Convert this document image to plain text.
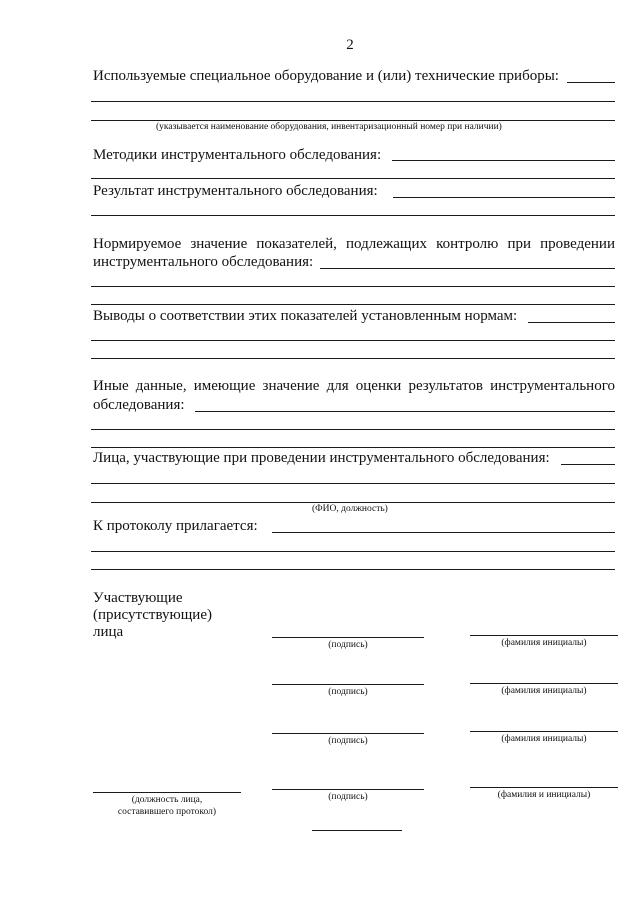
2
Используемые специальное оборудование и (или) технические приборы:
(указывается наименование оборудования, инвентаризационный номер при наличии)
Методики инструментального обследования:
Результат инструментального обследования:
Нормируемое значение показателей, подлежащих контролю при проведении
инструментального обследования:
Выводы о соответствии этих показателей установленным нормам:
Иные данные, имеющие значение для оценки результатов инструментального
обследования:
Лица, участвующие при проведении инструментального обследования:
(ФИО, должность)
К протоколу прилагается:
Участвующие
(присутствующие)
лица
(подпись)	(фамилия инициалы)
(подпись)	(фамилия инициалы)
(подпись)	(фамилия инициалы)
(должность лица,
составившего протокол)
(подпись)	(фамилия и инициалы)
